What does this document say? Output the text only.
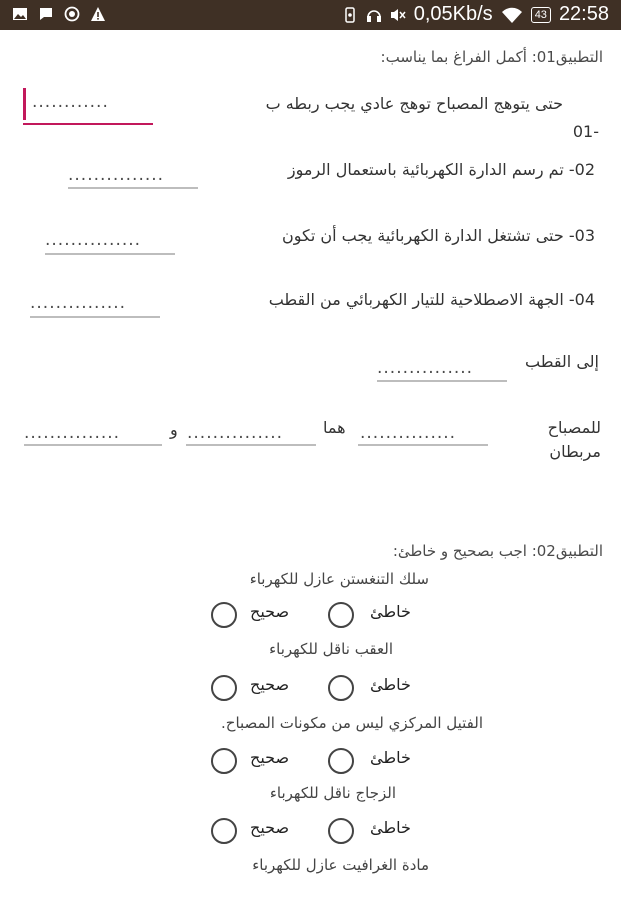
0,05Kb/s	43 22:58
التطبيق01: أكمل الفراغ بما يناسب:
حتى يتوهج المصباح توهج عادي يجب ربطه ب
01-
............
02- تم رسم الدارة الكهربائية باستعمال الرموز
...............
03- حتى تشتغل الدارة الكهربائية يجب أن تكون
...............
04- الجهة الاصطلاحية للتيار الكهربائي من القطب
...............
إلى القطب
...............
للمصباح
مربطان
...............
هما
...............
و
...............
التطبيق02: اجب بصحيح و خاطئ:
سلك التنغستن عازل للكهرباء
خاطئ
صحيح
العقب ناقل للكهرباء
خاطئ
صحيح
الفتيل المركزي ليس من مكونات المصباح.
خاطئ
صحيح
الزجاج ناقل للكهرباء
خاطئ
صحيح
مادة الغرافيت عازل للكهرباء
